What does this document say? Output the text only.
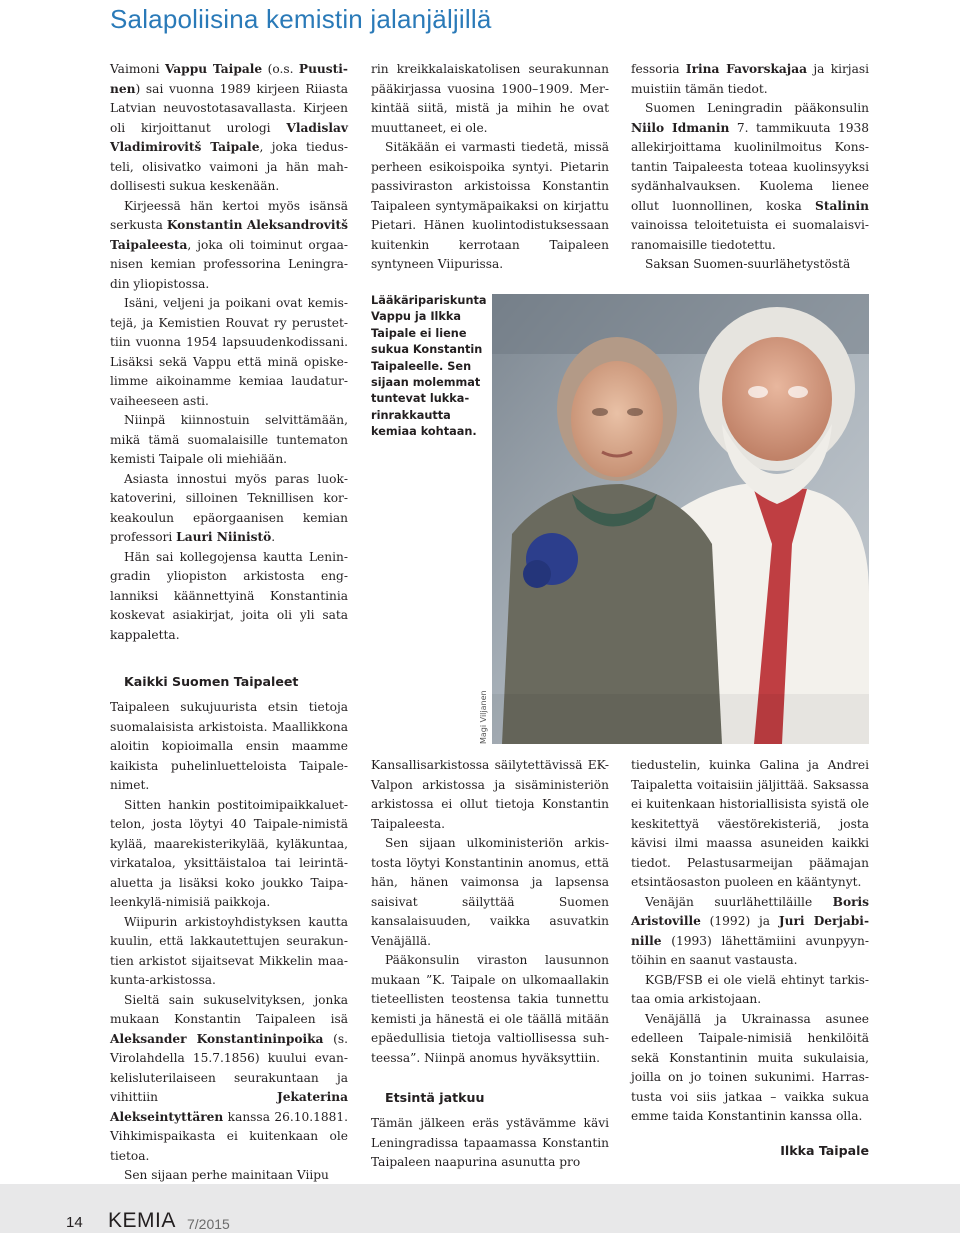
Salapoliisina kemistin jalanjäljillä

Vaimoni Vappu Taipale (o.s. Puustinen) sai vuonna 1989 kirjeen Riiasta Latvian neuvostotasavallasta. Kirjeen oli kirjoittanut urologi Vladislav Vladimirovitš Taipale, joka tiedusteli, olisivatko vaimoni ja hän mahdollisesti sukua keskenään.

Kirjeessä hän kertoi myös isänsä serkusta Konstantin Aleksandrovitš Taipaleesta, joka oli toiminut orgaanisen kemian professorina Leningradin yliopistossa.

Isäni, veljeni ja poikani ovat kemistejä, ja Kemistien Rouvat ry perustettiin vuonna 1954 lapsuudenkodissani. Lisäksi sekä Vappu että minä opiskelimme aikoinamme kemiaa laudaturvaiheeseen asti.

Niinpä kiinnostuin selvittämään, mikä tämä suomalaisille tuntematon kemisti Taipale oli miehiään.

Asiasta innostui myös paras luokkatoverini, silloinen Teknillisen korkeakoulun epäorgaanisen kemian professori Lauri Niinistö.

Hän sai kollegojensa kautta Leningradin yliopiston arkistosta englanniksi käännettyinä Konstantinia koskevat asiakirjat, joita oli yli sata kappaletta.

rin kreikkalaiskatolisen seurakunnan pääkirjassa vuosina 1900–1909. Merkintää siitä, mistä ja mihin he ovat muuttaneet, ei ole.

Sitäkään ei varmasti tiedetä, missä perheen esikoispoika syntyi. Pietarin passiviraston arkistoissa Konstantin Taipaleen syntymäpaikaksi on kirjattu Pietari. Hänen kuolintodistuksessaan kuitenkin kerrotaan Taipaleen syntyneen Viipurissa.

fessoria Irina Favorskajaa ja kirjasi muistiin tämän tiedot.

Suomen Leningradin pääkonsulin Niilo Idmanin 7. tammikuuta 1938 allekirjoittama kuolinilmoitus Konstantin Taipaleesta toteaa kuolinsyyksi sydänhalvauksen. Kuolema lienee ollut luonnollinen, koska Stalinin vainoissa teloitetuista ei suomalaisviranomaisille tiedotettu.

Saksan Suomen-suurlähetystöstä

Lääkäripariskunta Vappu ja Ilkka Taipale ei liene sukua Konstantin Taipaleelle. Sen sijaan molemmat tuntevat lukkarinrakkautta kemiaa kohtaan.
Magi Viljanen

Kaikki Suomen Taipaleet

Taipaleen sukujuurista etsin tietoja suomalaisista arkistoista. Maallikkona aloitin kopioimalla ensin maamme kaikista puhelinluetteloista Taipale-nimet.

Sitten hankin postitoimipaikkaluettelon, josta löytyi 40 Taipale-nimistä kylää, maarekisterikylää, kyläkuntaa, virkataloa, yksittäistaloa tai leirintäaluetta ja lisäksi koko joukko Taipaleenkylä-nimisiä paikkoja.

Wiipurin arkistoyhdistyksen kautta kuulin, että lakkautettujen seurakuntien arkistot sijaitsevat Mikkelin maakunta-arkistossa.

Sieltä sain sukuselvityksen, jonka mukaan Konstantin Taipaleen isä Aleksander Konstantininpoika (s. Virolahdella 15.7.1856) kuului evankelisluterilaiseen seurakuntaan ja vihittiin Jekaterina Alekseintyttären kanssa 26.10.1881. Vihkimispaikasta ei kuitenkaan ole tietoa.

Sen sijaan perhe mainitaan Viipu

Kansallisarkistossa säilytettävissä EK-Valpon arkistossa ja sisäministeriön arkistossa ei ollut tietoja Konstantin Taipaleesta.

Sen sijaan ulkoministeriön arkistosta löytyi Konstantinin anomus, että hän, hänen vaimonsa ja lapsensa saisivat säilyttää Suomen kansalaisuuden, vaikka asuvatkin Venäjällä.

Pääkonsulin viraston lausunnon mukaan ”K. Taipale on ulkomaallakin tieteellisten teostensa takia tunnettu kemisti ja hänestä ei ole täällä mitään epäedullisia tietoja valtiollisessa suhteessa”. Niinpä anomus hyväksyttiin.

Etsintä jatkuu

Tämän jälkeen eräs ystävämme kävi Leningradissa tapaamassa Konstantin Taipaleen naapurina asunutta pro

tiedustelin, kuinka Galina ja Andrei Taipaletta voitaisiin jäljittää. Saksassa ei kuitenkaan historiallisista syistä ole keskitettyä väestörekisteriä, josta kävisi ilmi maassa asuneiden kaikki tiedot. Pelastusarmeijan päämajan etsintäosaston puoleen en kääntynyt.

Venäjän suurlähettiläille Boris Aristoville (1992) ja Juri Derjabinille (1993) lähettämiini avunpyyntöihin en saanut vastausta.

KGB/FSB ei ole vielä ehtinyt tarkistaa omia arkistojaan.

Venäjällä ja Ukrainassa asunee edelleen Taipale-nimisiä henkilöitä sekä Konstantinin muita sukulaisia, joilla on jo toinen sukunimi. Harrastusta voi siis jatkaa – vaikka sukua emme taida Konstantinin kanssa olla.

Ilkka Taipale
14 KEMIA 7/2015
